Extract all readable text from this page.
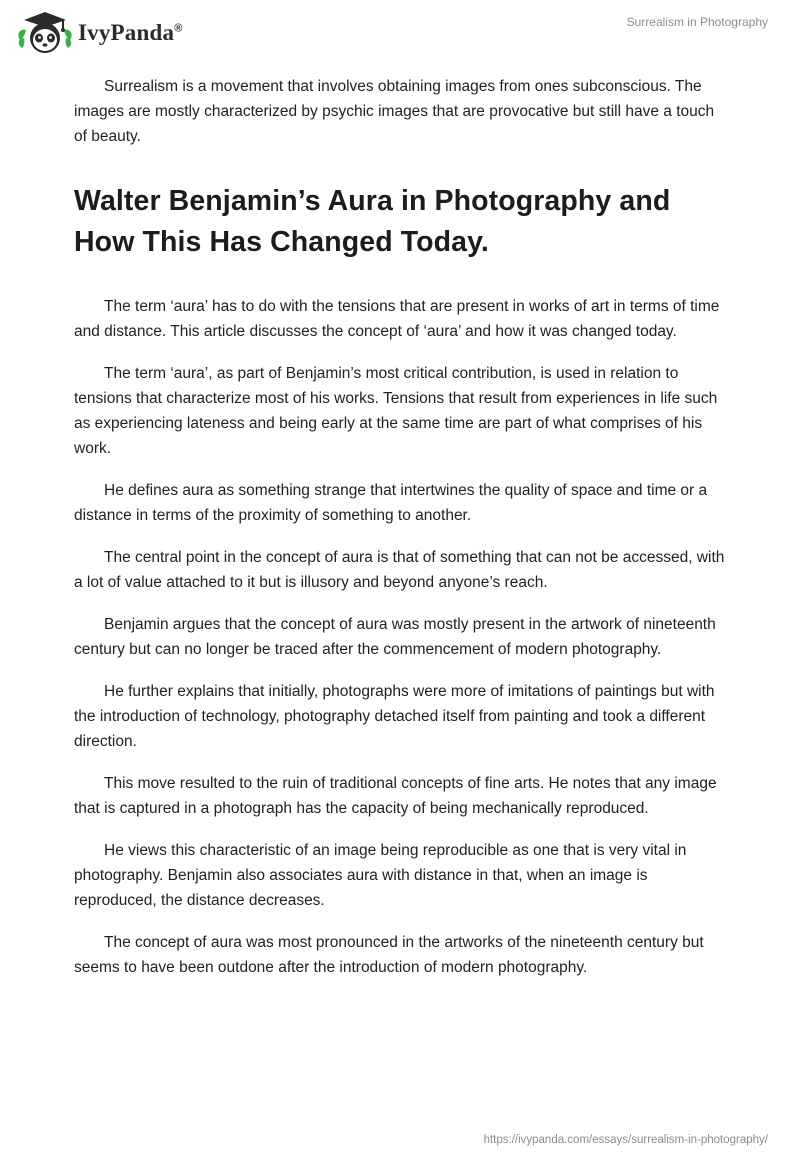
IvyPanda®	Surrealism in Photography

Surrealism is a movement that involves obtaining images from ones subconscious. The images are mostly characterized by psychic images that are provocative but still have a touch of beauty.

Walter Benjamin’s Aura in Photography and How This Has Changed Today.

The term ‘aura’ has to do with the tensions that are present in works of art in terms of time and distance. This article discusses the concept of ‘aura’ and how it was changed today.

The term ‘aura’, as part of Benjamin’s most critical contribution, is used in relation to tensions that characterize most of his works. Tensions that result from experiences in life such as experiencing lateness and being early at the same time are part of what comprises of his work.

He defines aura as something strange that intertwines the quality of space and time or a distance in terms of the proximity of something to another.

The central point in the concept of aura is that of something that can not be accessed, with a lot of value attached to it but is illusory and beyond anyone’s reach.

Benjamin argues that the concept of aura was mostly present in the artwork of nineteenth century but can no longer be traced after the commencement of modern photography.

He further explains that initially, photographs were more of imitations of paintings but with the introduction of technology, photography detached itself from painting and took a different direction.

This move resulted to the ruin of traditional concepts of fine arts. He notes that any image that is captured in a photograph has the capacity of being mechanically reproduced.

He views this characteristic of an image being reproducible as one that is very vital in photography. Benjamin also associates aura with distance in that, when an image is reproduced, the distance decreases.

The concept of aura was most pronounced in the artworks of the nineteenth century but seems to have been outdone after the introduction of modern photography.

https://ivypanda.com/essays/surrealism-in-photography/
